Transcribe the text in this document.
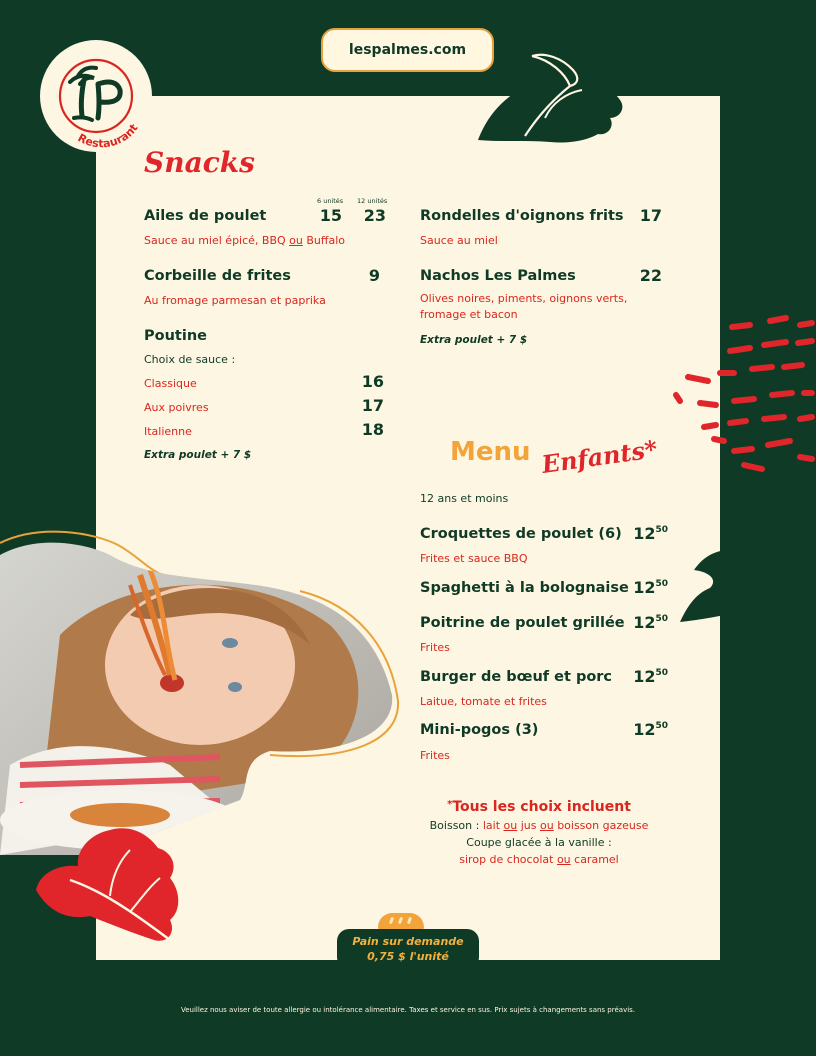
Restaurant
lespalmes.com
Snacks
6 unités 12 unités
Ailes de poulet	15	23
Sauce au miel épicé, BBQ ou Buffalo
Corbeille de frites	9
Au fromage parmesan et paprika
Poutine
Choix de sauce :
Classique	16
Aux poivres	17
Italienne	18
Extra poulet + 7 $
Rondelles d'oignons frits	17
Sauce au miel
Nachos Les Palmes	22
Olives noires, piments, oignons verts, fromage et bacon
Extra poulet + 7 $
Menu Enfants*
12 ans et moins
Croquettes de poulet (6) $12^{50}$
Frites et sauce BBQ
Spaghetti à la bolognaise $12^{50}$
Poitrine de poulet grillée $12^{50}$
Frites
Burger de bœuf et porc $12^{50}$
Laitue, tomate et frites
Mini-pogos (3)	$12^{50}$
Frites
*Tous les choix incluent
Boisson : lait ou jus ou boisson gazeuse
Coupe glacée à la vanille :
sirop de chocolat ou caramel
Pain sur demande
0,75 $ l'unité
Veuillez nous aviser de toute allergie ou intolérance alimentaire. Taxes et service en sus. Prix sujets à changements sans préavis.
